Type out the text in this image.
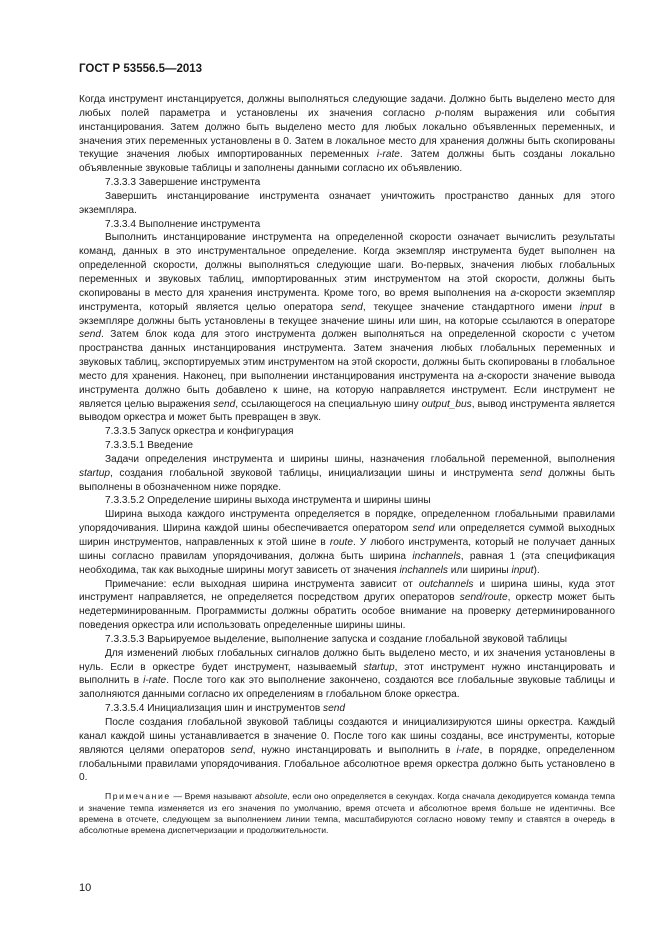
ГОСТ Р 53556.5—2013

Когда инструмент инстанцируется, должны выполняться следующие задачи. Должно быть выделено место для любых полей параметра и установлены их значения согласно p-полям выражения или события инстанцирования. Затем должно быть выделено место для любых локально объявленных переменных, и значения этих переменных установлены в 0. Затем в локальное место для хранения должны быть скопированы текущие значения любых импортированных переменных i-rate. Затем должны быть созданы локально объявленные звуковые таблицы и заполнены данными согласно их объявлению.

7.3.3.3 Завершение инструмента

Завершить инстанцирование инструмента означает уничтожить пространство данных для этого экземпляра.

7.3.3.4 Выполнение инструмента

Выполнить инстанцирование инструмента на определенной скорости означает вычислить результаты команд, данных в это инструментальное определение. Когда экземпляр инструмента будет выполнен на определенной скорости, должны выполняться следующие шаги. Во-первых, значения любых глобальных переменных и звуковых таблиц, импортированных этим инструментом на этой скорости, должны быть скопированы в место для хранения инструмента. Кроме того, во время выполнения на a-скорости экземпляр инструмента, который является целью оператора send, текущее значение стандартного имени input в экземпляре должны быть установлены в текущее значение шины или шин, на которые ссылаются в операторе send. Затем блок кода для этого инструмента должен выполняться на определенной скорости с учетом пространства данных инстанцирования инструмента. Затем значения любых глобальных переменных и звуковых таблиц, экспортируемых этим инструментом на этой скорости, должны быть скопированы в глобальное место для хранения. Наконец, при выполнении инстанцирования инструмента на a-скорости значение вывода инструмента должно быть добавлено к шине, на которую направляется инструмент. Если инструмент не является целью выражения send, ссылающегося на специальную шину output_bus, вывод инструмента является выводом оркестра и может быть превращен в звук.

7.3.3.5 Запуск оркестра и конфигурация

7.3.3.5.1 Введение

Задачи определения инструмента и ширины шины, назначения глобальной переменной, выполнения startup, создания глобальной звуковой таблицы, инициализации шины и инструмента send должны быть выполнены в обозначенном ниже порядке.

7.3.3.5.2 Определение ширины выхода инструмента и ширины шины

Ширина выхода каждого инструмента определяется в порядке, определенном глобальными правилами упорядочивания. Ширина каждой шины обеспечивается оператором send или определяется суммой выходных ширин инструментов, направленных к этой шине в route. У любого инструмента, который не получает данных шины согласно правилам упорядочивания, должна быть ширина inchannels, равная 1 (эта спецификация необходима, так как выходные ширины могут зависеть от значения inchannels или ширины input).

Примечание: если выходная ширина инструмента зависит от outchannels и ширина шины, куда этот инструмент направляется, не определяется посредством других операторов send/route, оркестр может быть недетерминированным. Программисты должны обратить особое внимание на проверку детерминированного поведения оркестра или использовать определенные ширины шины.

7.3.3.5.3 Варьируемое выделение, выполнение запуска и создание глобальной звуковой таблицы

Для изменений любых глобальных сигналов должно быть выделено место, и их значения установлены в нуль. Если в оркестре будет инструмент, называемый startup, этот инструмент нужно инстанцировать и выполнить в i-rate. После того как это выполнение закончено, создаются все глобальные звуковые таблицы и заполняются данными согласно их определениям в глобальном блоке оркестра.

7.3.3.5.4 Инициализация шин и инструментов send

После создания глобальной звуковой таблицы создаются и инициализируются шины оркестра. Каждый канал каждой шины устанавливается в значение 0. После того как шины созданы, все инструменты, которые являются целями операторов send, нужно инстанцировать и выполнить в i-rate, в порядке, определенном глобальными правилами упорядочивания. Глобальное абсолютное время оркестра должно быть установлено в 0.

Примечание — Время называют absolute, если оно определяется в секундах. Когда сначала декодируется команда темпа и значение темпа изменяется из его значения по умолчанию, время отсчета и абсолютное время больше не идентичны. Все времена в отсчете, следующем за выполнением линии темпа, масштабируются согласно новому темпу и ставятся в очередь в абсолютные времена диспетчеризации и продолжительности.

10
